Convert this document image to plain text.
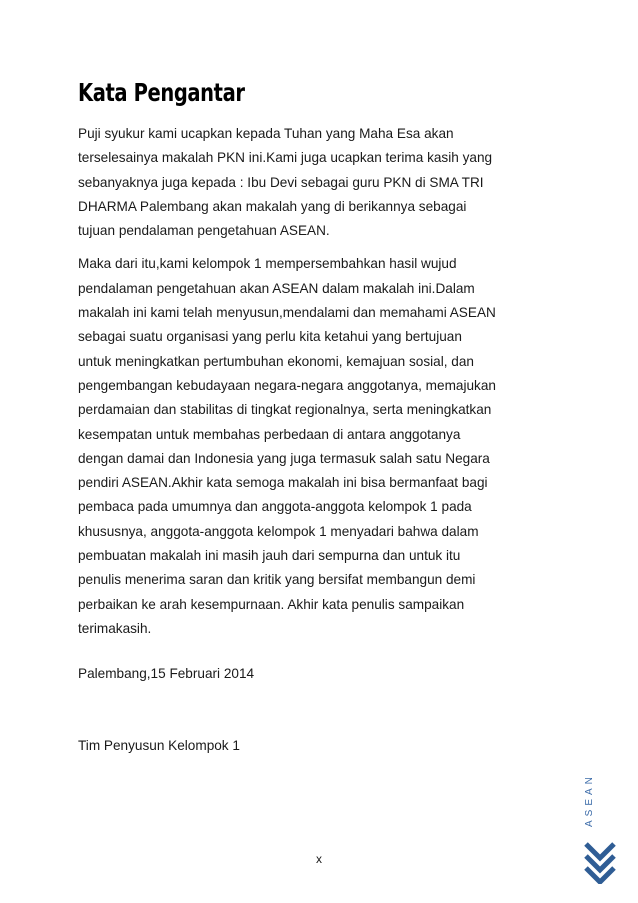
Kata Pengantar

Puji syukur kami ucapkan kepada Tuhan yang Maha Esa akan

terselesainya makalah PKN ini.Kami juga ucapkan terima kasih yang

sebanyaknya juga kepada : Ibu Devi sebagai guru PKN di SMA TRI

DHARMA Palembang akan makalah yang di berikannya sebagai

tujuan pendalaman pengetahuan ASEAN.

Maka dari itu,kami kelompok 1 mempersembahkan hasil wujud

pendalaman pengetahuan akan ASEAN dalam makalah ini.Dalam

makalah ini kami telah menyusun,mendalami dan memahami ASEAN

sebagai suatu organisasi yang perlu kita ketahui yang bertujuan

untuk meningkatkan pertumbuhan ekonomi, kemajuan sosial, dan

pengembangan kebudayaan negara-negara anggotanya, memajukan

perdamaian dan stabilitas di tingkat regionalnya, serta meningkatkan

kesempatan untuk membahas perbedaan di antara anggotanya

dengan damai dan Indonesia yang juga termasuk salah satu Negara

pendiri ASEAN.Akhir kata semoga makalah ini bisa bermanfaat bagi

pembaca pada umumnya dan anggota-anggota kelompok 1 pada

khususnya, anggota-anggota kelompok 1 menyadari bahwa dalam

pembuatan makalah ini masih jauh dari sempurna dan untuk itu

penulis menerima saran dan kritik yang bersifat membangun demi

perbaikan ke arah kesempurnaan. Akhir kata penulis sampaikan

terimakasih.

Palembang,15 Februari 2014

Tim Penyusun Kelompok 1

ASEAN
x
